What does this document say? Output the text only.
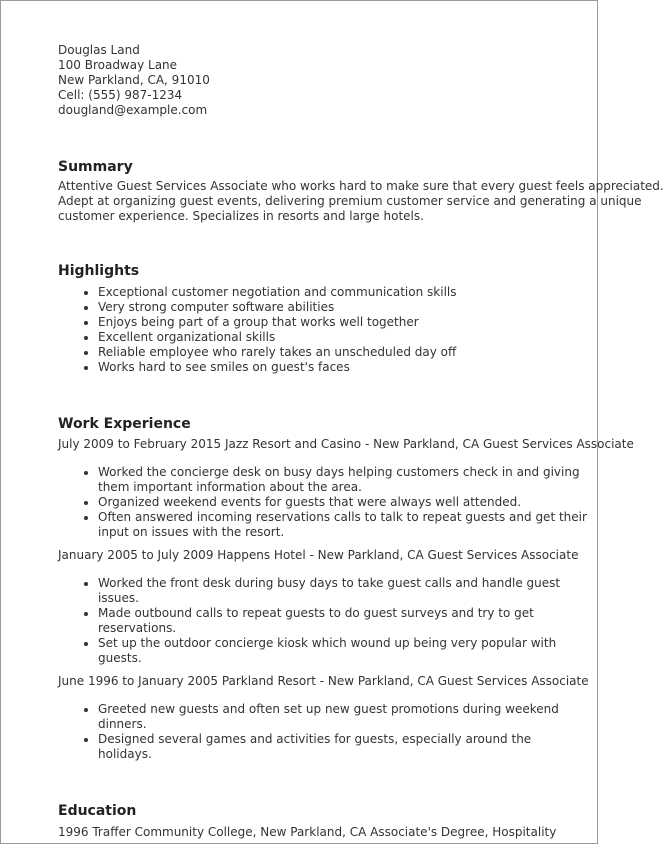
Douglas Land
100 Broadway Lane
New Parkland, CA, 91010
Cell: (555) 987-1234
dougland@example.com
Summary
Attentive Guest Services Associate who works hard to make sure that every guest feels appreciated.
Adept at organizing guest events, delivering premium customer service and generating a unique
customer experience. Specializes in resorts and large hotels.
Highlights
• Exceptional customer negotiation and communication skills
• Very strong computer software abilities
• Enjoys being part of a group that works well together
• Excellent organizational skills
• Reliable employee who rarely takes an unscheduled day off
• Works hard to see smiles on guest's faces
Work Experience
July 2009 to February 2015 Jazz Resort and Casino - New Parkland, CA Guest Services Associate
• Worked the concierge desk on busy days helping customers check in and giving them important information about the area.
• Organized weekend events for guests that were always well attended.
• Often answered incoming reservations calls to talk to repeat guests and get their input on issues with the resort.
January 2005 to July 2009 Happens Hotel - New Parkland, CA Guest Services Associate
• Worked the front desk during busy days to take guest calls and handle guest issues.
• Made outbound calls to repeat guests to do guest surveys and try to get reservations.
• Set up the outdoor concierge kiosk which wound up being very popular with guests.
June 1996 to January 2005 Parkland Resort - New Parkland, CA Guest Services Associate
• Greeted new guests and often set up new guest promotions during weekend dinners.
• Designed several games and activities for guests, especially around the holidays.
Education
1996 Traffer Community College, New Parkland, CA Associate's Degree, Hospitality
